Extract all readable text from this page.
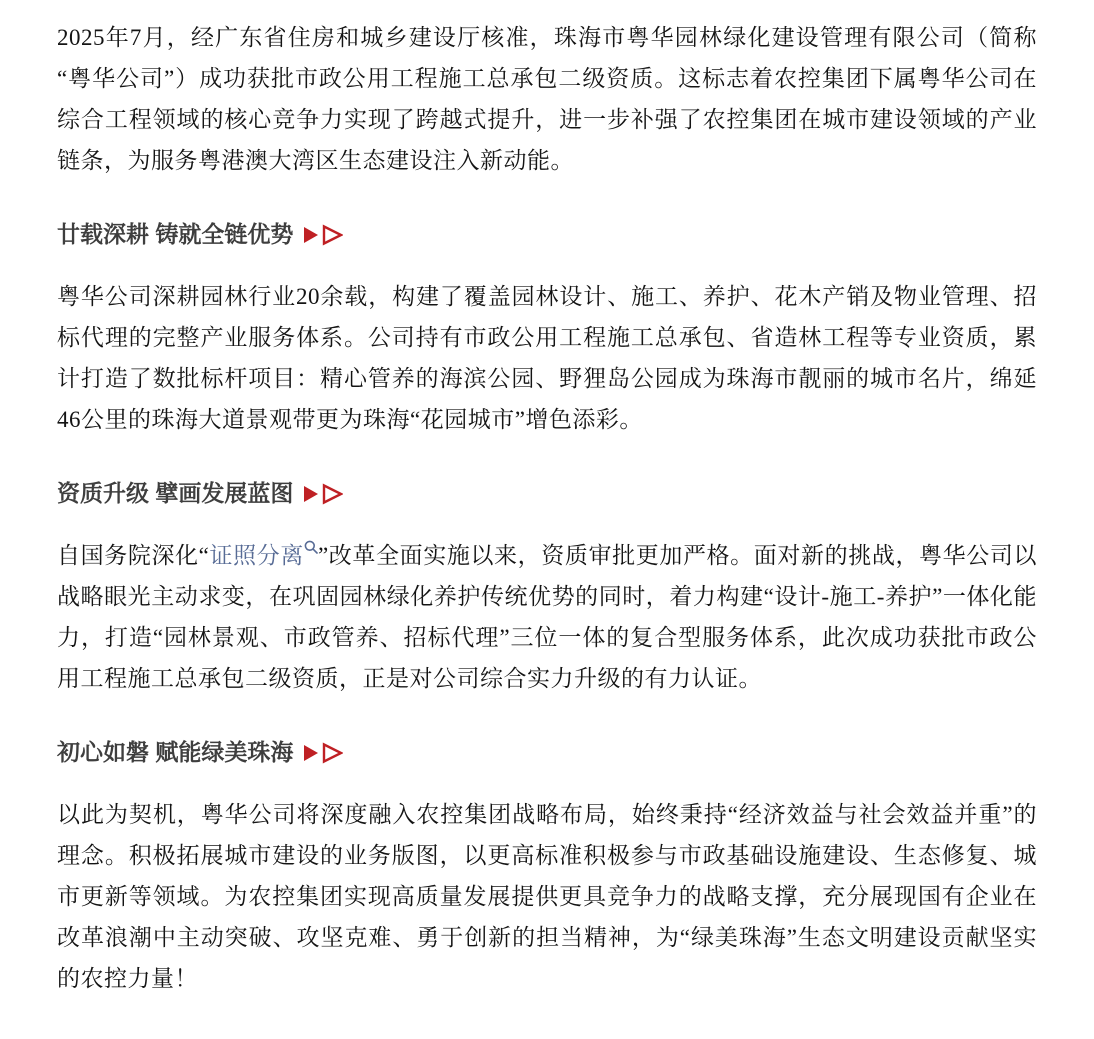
2025年7月，经广东省住房和城乡建设厅核准，珠海市粤华园林绿化建设管理有限公司（简称“粤华公司”）成功获批市政公用工程施工总承包二级资质。这标志着农控集团下属粤华公司在综合工程领域的核心竞争力实现了跨越式提升，进一步补强了农控集团在城市建设领域的产业链条，为服务粤港澳大湾区生态建设注入新动能。

廿载深耕 铸就全链优势

粤华公司深耕园林行业20余载，构建了覆盖园林设计、施工、养护、花木产销及物业管理、招标代理的完整产业服务体系。公司持有市政公用工程施工总承包、省造林工程等专业资质，累计打造了数批标杆项目：精心管养的海滨公园、野狸岛公园成为珠海市靓丽的城市名片，绵延46公里的珠海大道景观带更为珠海“花园城市”增色添彩。

资质升级 擘画发展蓝图

自国务院深化“证照分离 ”改革全面实施以来，资质审批更加严格。面对新的挑战，粤华公司以战略眼光主动求变，在巩固园林绿化养护传统优势的同时，着力构建“设计-施工-养护”一体化能力，打造“园林景观、市政管养、招标代理”三位一体的复合型服务体系，此次成功获批市政公用工程施工总承包二级资质，正是对公司综合实力升级的有力认证。

初心如磐 赋能绿美珠海

以此为契机，粤华公司将深度融入农控集团战略布局，始终秉持“经济效益与社会效益并重”的理念。积极拓展城市建设的业务版图，以更高标准积极参与市政基础设施建设、生态修复、城市更新等领域。为农控集团实现高质量发展提供更具竞争力的战略支撑，充分展现国有企业在改革浪潮中主动突破、攻坚克难、勇于创新的担当精神，为“绿美珠海”生态文明建设贡献坚实的农控力量！
